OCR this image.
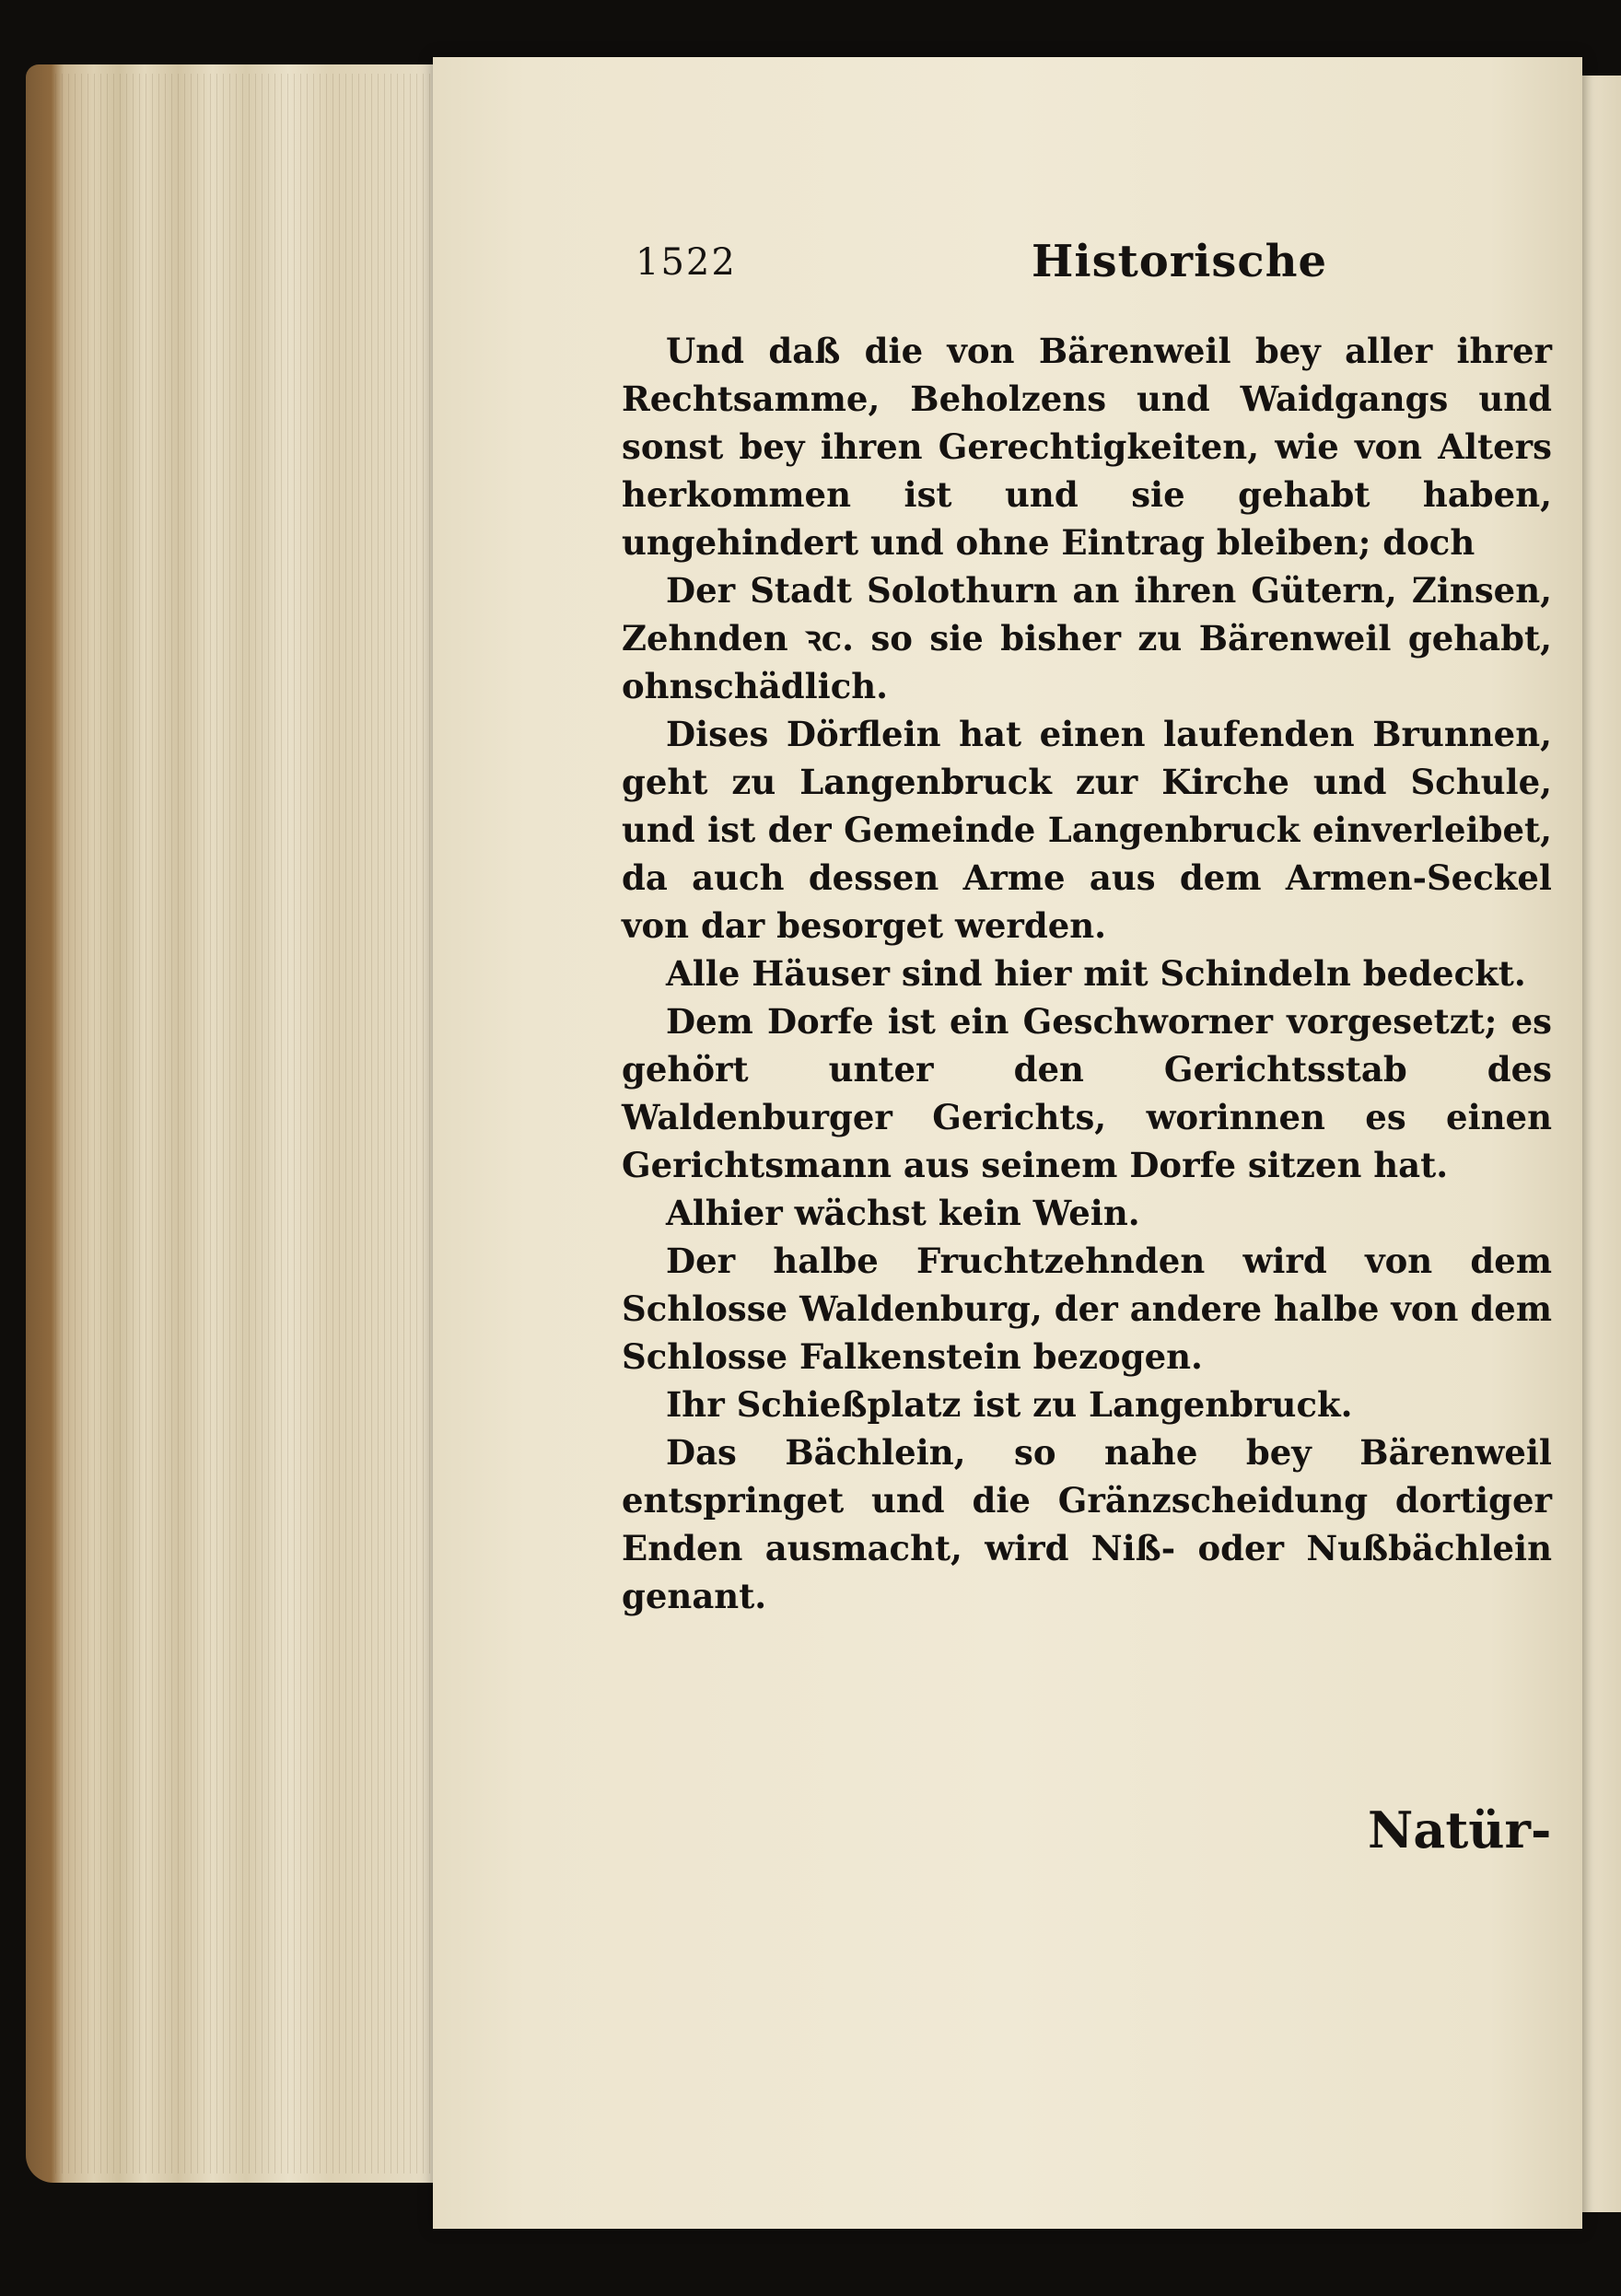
1522	Historische

Und daß die von Bärenweil bey aller ihrer Rechtsamme, Beholzens und Waidgangs und sonst bey ihren Gerechtigkeiten, wie von Alters herkommen ist und sie gehabt haben, ungehindert und ohne Eintrag bleiben; doch

Der Stadt Solothurn an ihren Gütern, Zinsen, Zehnden ꝛc. so sie bisher zu Bärenweil gehabt, ohnschädlich.

Dises Dörflein hat einen laufenden Brunnen, geht zu Langenbruck zur Kirche und Schule, und ist der Gemeinde Langenbruck einverleibet, da auch dessen Arme aus dem Armen-Seckel von dar besorget werden.

Alle Häuser sind hier mit Schindeln bedeckt.

Dem Dorfe ist ein Geschworner vorgesetzt; es gehört unter den Gerichtsstab des Waldenburger Gerichts, worinnen es einen Gerichtsmann aus seinem Dorfe sitzen hat.

Alhier wächst kein Wein.

Der halbe Fruchtzehnden wird von dem Schlosse Waldenburg, der andere halbe von dem Schlosse Falkenstein bezogen.

Ihr Schießplatz ist zu Langenbruck.

Das Bächlein, so nahe bey Bärenweil entspringet und die Gränzscheidung dortiger Enden ausmacht, wird Niß- oder Nußbächlein genant.

Natür-
